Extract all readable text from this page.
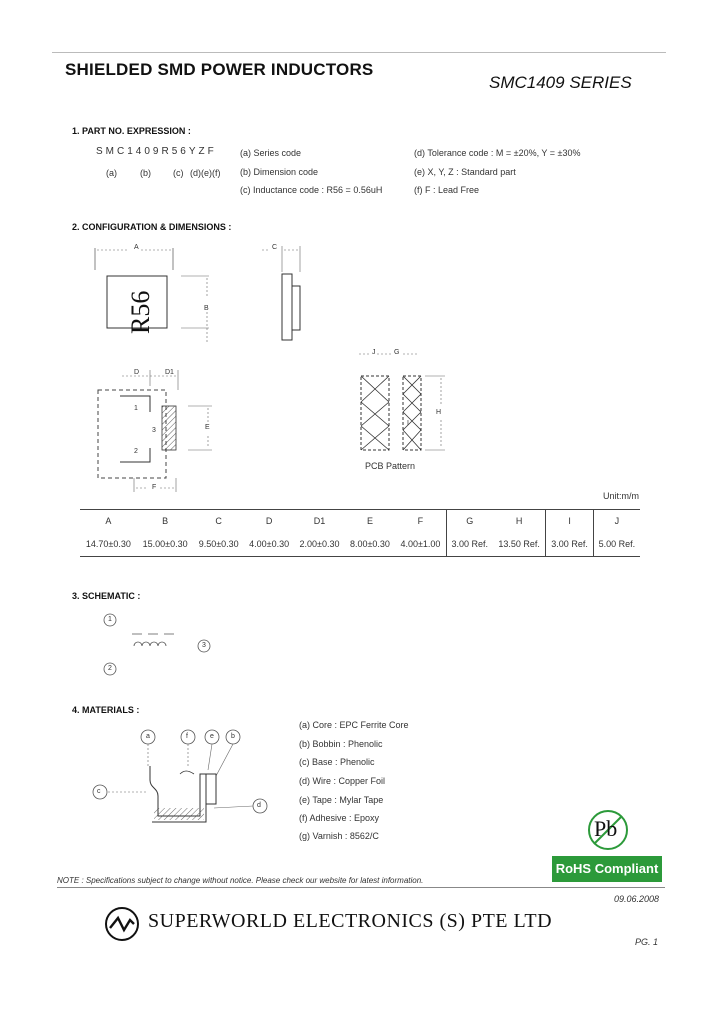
SHIELDED SMD POWER INDUCTORS
SMC1409 SERIES
1. PART NO. EXPRESSION :
SMC1409R56YZF
(a)	(b) (c) (d)(e)(f)
(a) Series code
(b) Dimension code
(c) Inductance code : R56 = 0.56uH
(d) Tolerance code : M = ±20%, Y = ±30%
(e) X, Y, Z : Standard part
(f) F : Lead Free
2. CONFIGURATION & DIMENSIONS :
A
B
R56
C
D	D1
E
F
1
2
3
J	G
H
I
PCB Pattern
Unit:m/m
A	B	C	D	D1	E	F	G	H	I	J
14.70±0.30	15.00±0.30	9.50±0.30	4.00±0.30	2.00±0.30	8.00±0.30	4.00±1.00	3.00 Ref.	13.50 Ref.	3.00 Ref.	5.00 Ref.
3. SCHEMATIC :
1
2
3
4. MATERIALS :
a	f	e b
c
d
(a) Core : EPC Ferrite Core
(b) Bobbin : Phenolic
(c) Base : Phenolic
(d) Wire : Copper Foil
(e) Tape : Mylar Tape
(f) Adhesive : Epoxy
(g) Varnish : 8562/C	Pb
RoHS Compliant
NOTE : Specifications subject to change without notice. Please check our website for latest information.
09.06.2008
SUPERWORLD ELECTRONICS (S) PTE LTD
PG. 1
